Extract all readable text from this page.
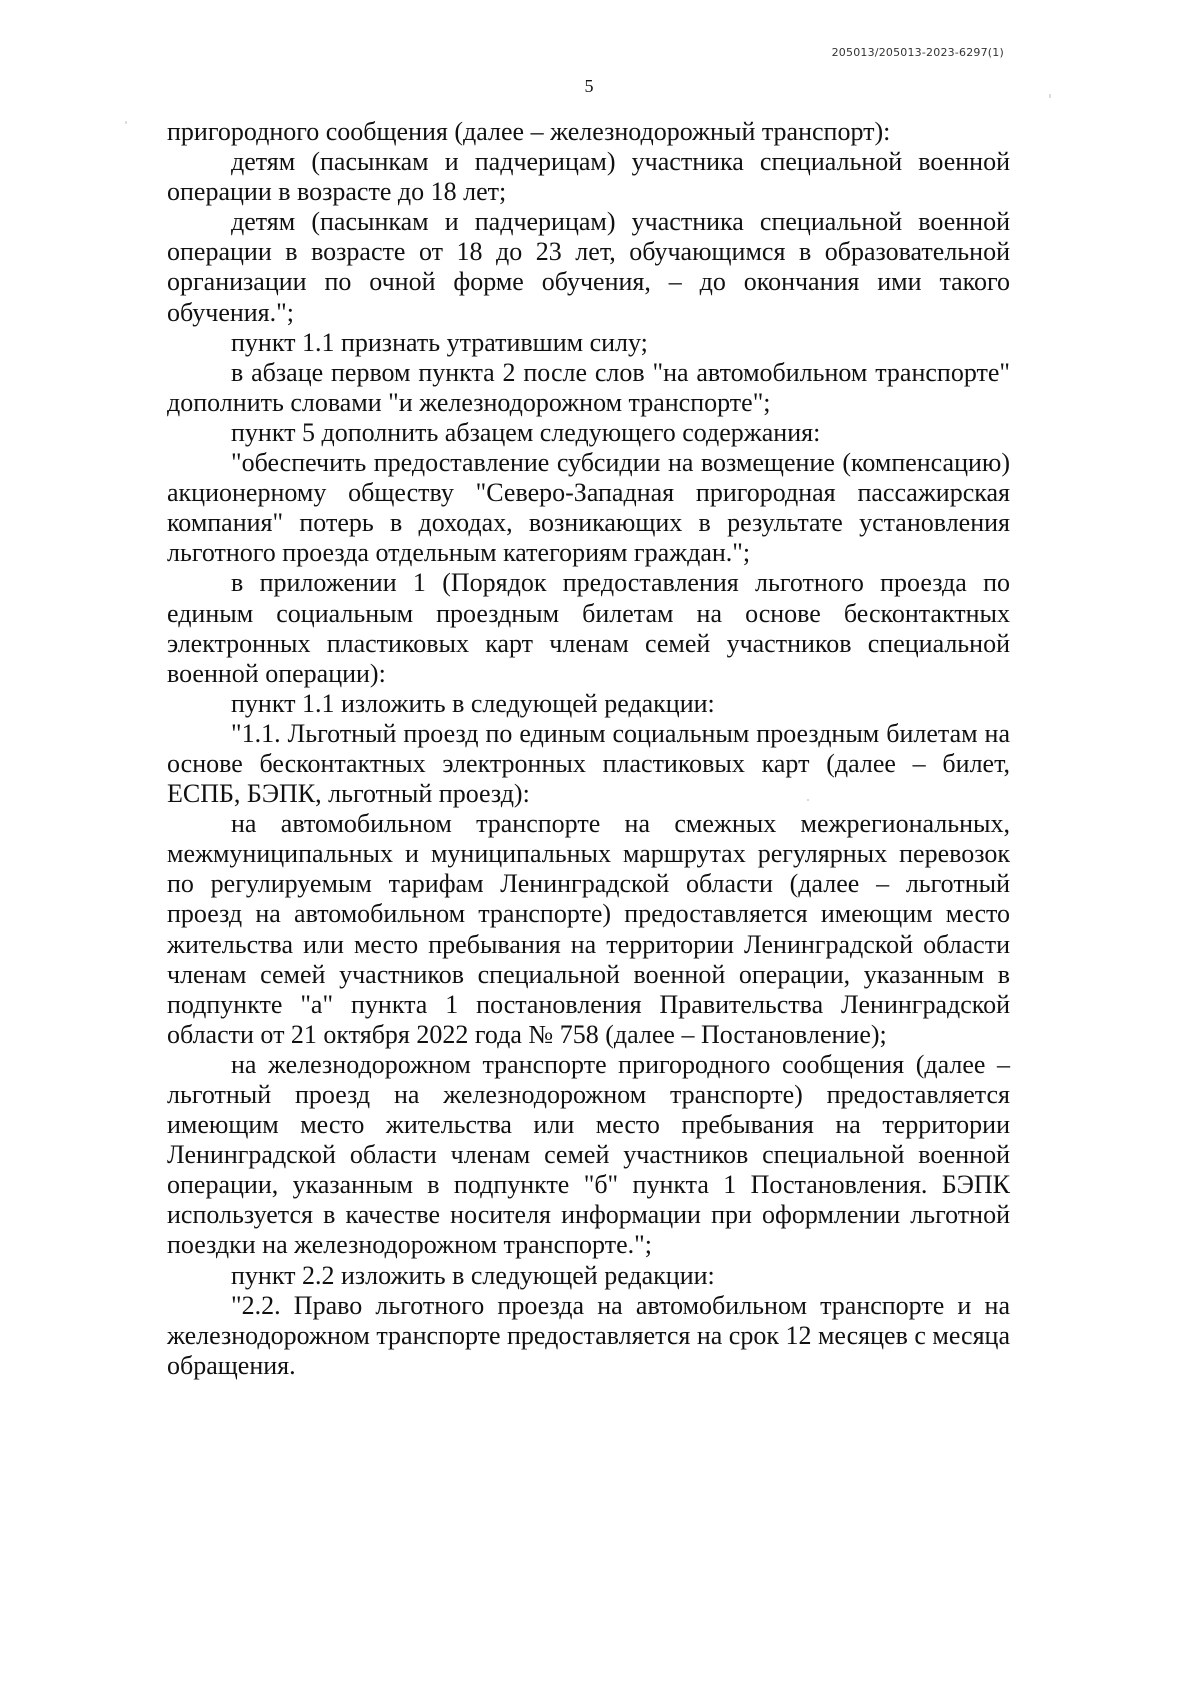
205013/205013-2023-6297(1)
5

пригородного сообщения (далее – железнодорожный транспорт):

детям (пасынкам и падчерицам) участника специальной военной операции в возрасте до 18 лет;

детям (пасынкам и падчерицам) участника специальной военной операции в возрасте от 18 до 23 лет, обучающимся в образовательной организации по очной форме обучения, – до окончания ими такого обучения.";

пункт 1.1 признать утратившим силу;

в абзаце первом пункта 2 после слов "на автомобильном транспорте" дополнить словами "и железнодорожном транспорте";

пункт 5 дополнить абзацем следующего содержания:

"обеспечить предоставление субсидии на возмещение (компенсацию) акционерному обществу "Северо-Западная пригородная пассажирская компания" потерь в доходах, возникающих в результате установления льготного проезда отдельным категориям граждан.";

в приложении 1 (Порядок предоставления льготного проезда по единым социальным проездным билетам на основе бесконтактных электронных пластиковых карт членам семей участников специальной военной операции):

пункт 1.1 изложить в следующей редакции:

"1.1. Льготный проезд по единым социальным проездным билетам на основе бесконтактных электронных пластиковых карт (далее – билет, ЕСПБ, БЭПК, льготный проезд):

на автомобильном транспорте на смежных межрегиональных, межмуниципальных и муниципальных маршрутах регулярных перевозок по регулируемым тарифам Ленинградской области (далее – льготный проезд на автомобильном транспорте) предоставляется имеющим место жительства или место пребывания на территории Ленинградской области членам семей участников специальной военной операции, указанным в подпункте "а" пункта 1 постановления Правительства Ленинградской области от 21 октября 2022 года № 758 (далее – Постановление);

на железнодорожном транспорте пригородного сообщения (далее – льготный проезд на железнодорожном транспорте) предоставляется имеющим место жительства или место пребывания на территории Ленинградской области членам семей участников специальной военной операции, указанным в подпункте "б" пункта 1 Постановления. БЭПК используется в качестве носителя информации при оформлении льготной поездки на железнодорожном транспорте.";

пункт 2.2 изложить в следующей редакции:

"2.2. Право льготного проезда на автомобильном транспорте и на железнодорожном транспорте предоставляется на срок 12 месяцев с месяца обращения.
